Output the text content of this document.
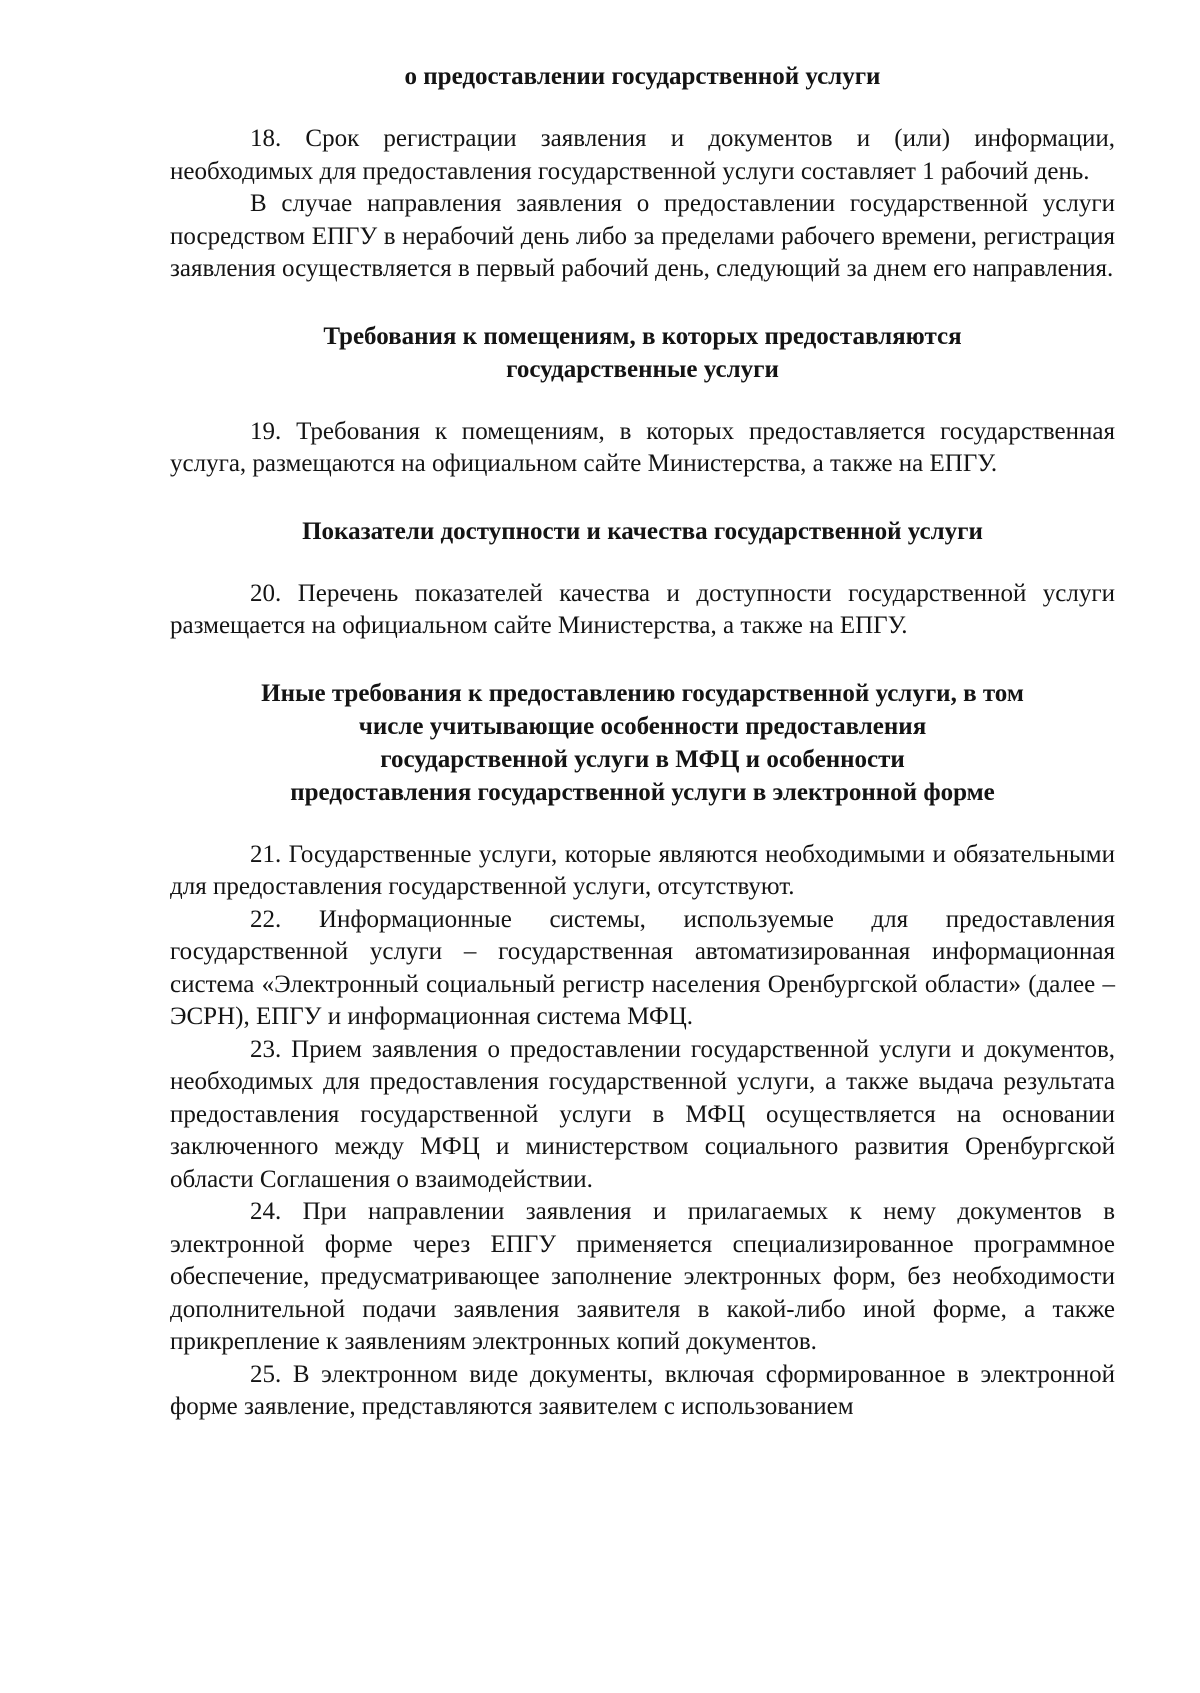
о предоставлении государственной услуги

18. Срок регистрации заявления и документов и (или) информации, необходимых для предоставления государственной услуги составляет 1 рабочий день.

В случае направления заявления о предоставлении государственной услуги посредством ЕПГУ в нерабочий день либо за пределами рабочего времени, регистрация заявления осуществляется в первый рабочий день, следующий за днем его направления.

Требования к помещениям, в которых предоставляются
государственные услуги

19. Требования к помещениям, в которых предоставляется государственная услуга, размещаются на официальном сайте Министерства, а также на ЕПГУ.

Показатели доступности и качества государственной услуги

20. Перечень показателей качества и доступности государственной услуги размещается на официальном сайте Министерства, а также на ЕПГУ.

Иные требования к предоставлению государственной услуги, в том
числе учитывающие особенности предоставления
государственной услуги в МФЦ и особенности
предоставления государственной услуги в электронной форме

21. Государственные услуги, которые являются необходимыми и обязательными для предоставления государственной услуги, отсутствуют.

22. Информационные системы, используемые для предоставления государственной услуги – государственная автоматизированная информационная система «Электронный социальный регистр населения Оренбургской области» (далее – ЭСРН), ЕПГУ и информационная система МФЦ.

23. Прием заявления о предоставлении государственной услуги и документов, необходимых для предоставления государственной услуги, а также выдача результата предоставления государственной услуги в МФЦ осуществляется на основании заключенного между МФЦ и министерством социального развития Оренбургской области Соглашения о взаимодействии.

24. При направлении заявления и прилагаемых к нему документов в электронной форме через ЕПГУ применяется специализированное программное обеспечение, предусматривающее заполнение электронных форм, без необходимости дополнительной подачи заявления заявителя в какой-либо иной форме, а также прикрепление к заявлениям электронных копий документов.

25. В электронном виде документы, включая сформированное в электронной форме заявление, представляются заявителем с использованием
